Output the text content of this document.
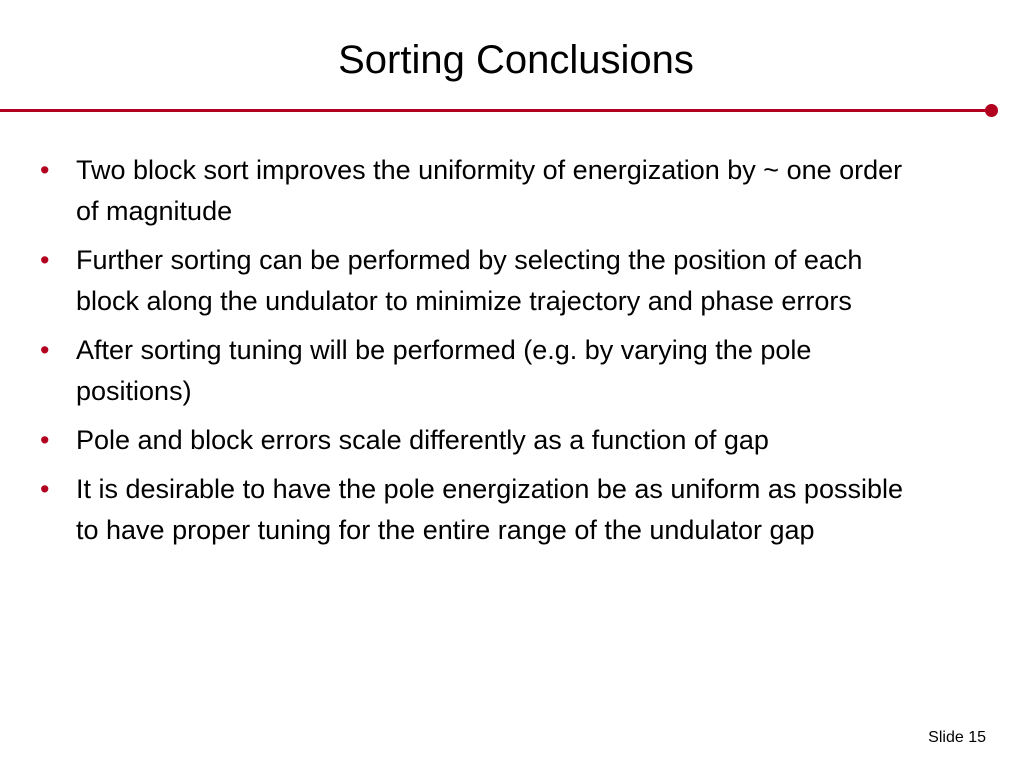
Sorting Conclusions
• Two block sort improves the uniformity of energization by ~ one order of magnitude
• Further sorting can be performed by selecting the position of each block along the undulator to minimize trajectory and phase errors
• After sorting tuning will be performed (e.g. by varying the pole positions)
• Pole and block errors scale differently as a function of gap
• It is desirable to have the pole energization be as uniform as possible to have proper tuning for the entire range of the undulator gap
Slide 15
